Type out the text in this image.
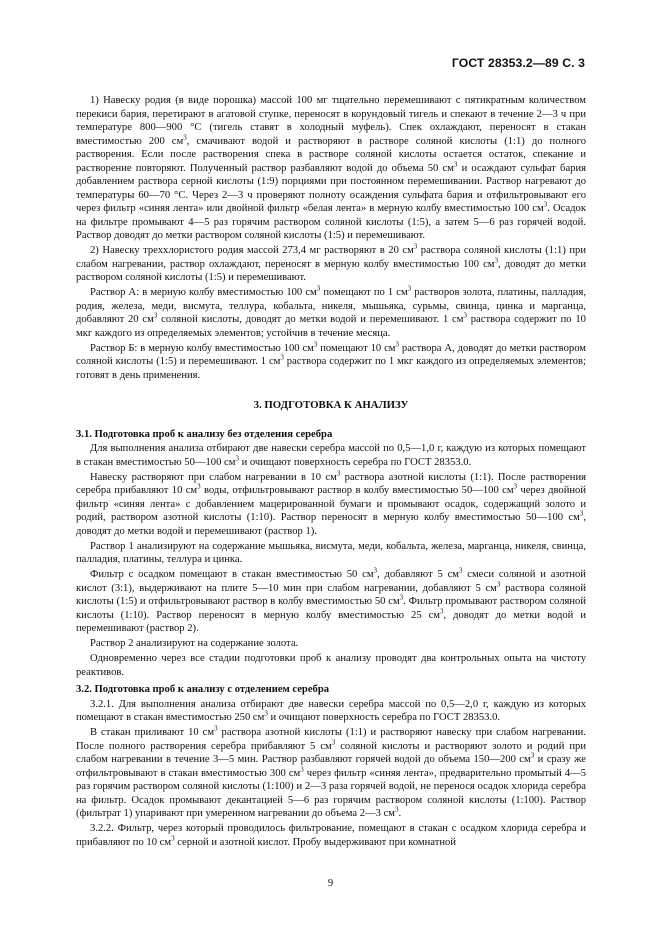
ГОСТ 28353.2—89 С. 3

1) Навеску родия (в виде порошка) массой 100 мг тщательно перемешивают с пятикратным количеством перекиси бария, перетирают в агатовой ступке, переносят в корундовый тигель и спекают в течение 2—3 ч при температуре 800—900 °С (тигель ставят в холодный муфель). Спек охлаждают, переносят в стакан вместимостью 200 $см^3$, смачивают водой и растворяют в растворе соляной кислоты (1:1) до полного растворения. Если после растворения спека в растворе соляной кислоты остается остаток, спекание и растворение повторяют. Полученный раствор разбавляют водой до объема 50 $см^3$ и осаждают сульфат бария добавлением раствора серной кислоты (1:9) порциями при постоянном перемешивании. Раствор нагревают до температуры 60—70 °С. Через 2—3 ч проверяют полноту осаждения сульфата бария и отфильтровывают его через фильтр «синяя лента» или двойной фильтр «белая лента» в мерную колбу вместимостью 100 $см^3$. Осадок на фильтре промывают 4—5 раз горячим раствором соляной кислоты (1:5), а затем 5—6 раз горячей водой. Раствор доводят до метки раствором соляной кислоты (1:5) и перемешивают.

2) Навеску треххлористого родия массой 273,4 мг растворяют в 20 $см^3$ раствора соляной кислоты (1:1) при слабом нагревании, раствор охлаждают, переносят в мерную колбу вместимостью 100 $см^3$, доводят до метки раствором соляной кислоты (1:5) и перемешивают.

Раствор А: в мерную колбу вместимостью 100 $см^3$ помещают по 1 $см^3$ растворов золота, платины, палладия, родия, железа, меди, висмута, теллура, кобальта, никеля, мышьяка, сурьмы, свинца, цинка и марганца, добавляют 20 $см^3$ соляной кислоты, доводят до метки водой и перемешивают. 1 $см^3$ раствора содержит по 10 мкг каждого из определяемых элементов; устойчив в течение месяца.

Раствор Б: в мерную колбу вместимостью 100 $см^3$ помещают 10 $см^3$ раствора А, доводят до метки раствором соляной кислоты (1:5) и перемешивают. 1 $см^3$ раствора содержит по 1 мкг каждого из определяемых элементов; готовят в день применения.

3. ПОДГОТОВКА К АНАЛИЗУ
3.1. Подготовка проб к анализу без отделения серебра

Для выполнения анализа отбирают две навески серебра массой по 0,5—1,0 г, каждую из которых помещают в стакан вместимостью 50—100 $см^3$ и очищают поверхность серебра по ГОСТ 28353.0.

Навеску растворяют при слабом нагревании в 10 $см^3$ раствора азотной кислоты (1:1). После растворения серебра прибавляют 10 $см^3$ воды, отфильтровывают раствор в колбу вместимостью 50—100 $см^3$ через двойной фильтр «синяя лента» с добавлением мацерированной бумаги и промывают осадок, содержащий золото и родий, раствором азотной кислоты (1:10). Раствор переносят в мерную колбу вместимостью 50—100 $см^3$, доводят до метки водой и перемешивают (раствор 1).

Раствор 1 анализируют на содержание мышьяка, висмута, меди, кобальта, железа, марганца, никеля, свинца, палладия, платины, теллура и цинка.

Фильтр с осадком помещают в стакан вместимостью 50 $см^3$, добавляют 5 $см^3$ смеси соляной и азотной кислот (3:1), выдерживают на плите 5—10 мин при слабом нагревании, добавляют 5 $см^3$ раствора соляной кислоты (1:5) и отфильтровывают раствор в колбу вместимостью 50 $см^3$. Фильтр промывают раствором соляной кислоты (1:10). Раствор переносят в мерную колбу вместимостью 25 $см^3$, доводят до метки водой и перемешивают (раствор 2).

Раствор 2 анализируют на содержание золота.

Одновременно через все стадии подготовки проб к анализу проводят два контрольных опыта на чистоту реактивов.

3.2. Подготовка проб к анализу с отделением серебра

3.2.1. Для выполнения анализа отбирают две навески серебра массой по 0,5—2,0 г, каждую из которых помещают в стакан вместимостью 250 $см^3$ и очищают поверхность серебра по ГОСТ 28353.0.

В стакан приливают 10 $см^3$ раствора азотной кислоты (1:1) и растворяют навеску при слабом нагревании. После полного растворения серебра прибавляют 5 $см^3$ соляной кислоты и растворяют золото и родий при слабом нагревании в течение 3—5 мин. Раствор разбавляют горячей водой до объема 150—200 $см^3$ и сразу же отфильтровывают в стакан вместимостью 300 $см^3$ через фильтр «синяя лента», предварительно промытый 4—5 раз горячим раствором соляной кислоты (1:100) и 2—3 раза горячей водой, не перенося осадок хлорида серебра на фильтр. Осадок промывают декантацией 5—6 раз горячим раствором соляной кислоты (1:100). Раствор (фильтрат 1) упаривают при умеренном нагревании до объема 2—3 $см^3$.

3.2.2. Фильтр, через который проводилось фильтрование, помещают в стакан с осадком хлорида серебра и прибавляют по 10 $см^3$ серной и азотной кислот. Пробу выдерживают при комнатной

9
